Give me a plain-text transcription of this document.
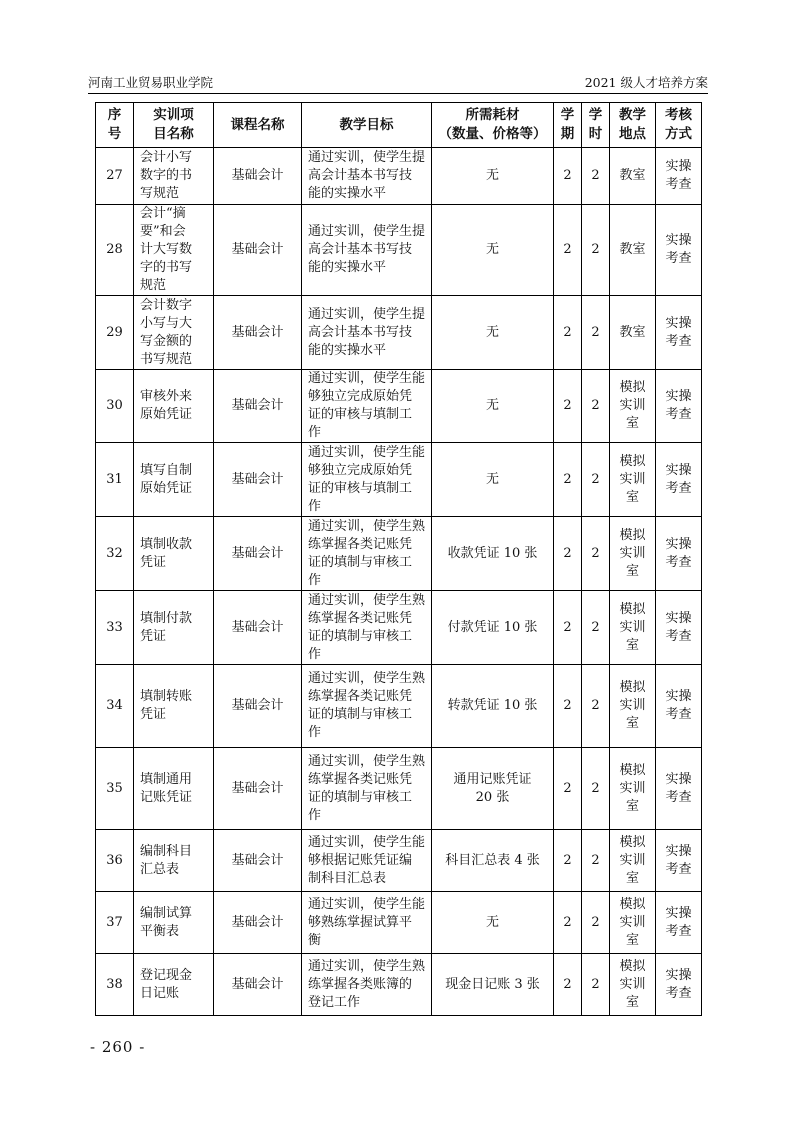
河南工业贸易职业学院	2021 级人才培养方案
序
号	实训项
目名称	课程名称	教学目标	所需耗材
（数量、价格等）	学
期	学
时	教学
地点	考核
方式
27	会计小写
数字的书
写规范	基础会计	通过实训，使学生提
高会计基本书写技
能的实操水平	无	2	2	教室	实操
考查
28	会计“摘
要”和会
计大写数
字的书写
规范	基础会计	通过实训，使学生提
高会计基本书写技
能的实操水平	无	2	2	教室	实操
考查
29	会计数字
小写与大
写金额的
书写规范	基础会计	通过实训，使学生提
高会计基本书写技
能的实操水平	无	2	2	教室	实操
考查
30	审核外来
原始凭证	基础会计	通过实训，使学生能
够独立完成原始凭
证的审核与填制工
作	无	2	2	模拟
实训
室	实操
考查
31	填写自制
原始凭证	基础会计	通过实训，使学生能
够独立完成原始凭
证的审核与填制工
作	无	2	2	模拟
实训
室	实操
考查
32	填制收款
凭证	基础会计	通过实训，使学生熟
练掌握各类记账凭
证的填制与审核工
作	收款凭证 10 张	2	2	模拟
实训
室	实操
考查
33	填制付款
凭证	基础会计	通过实训，使学生熟
练掌握各类记账凭
证的填制与审核工
作	付款凭证 10 张	2	2	模拟
实训
室	实操
考查
34	填制转账
凭证	基础会计	通过实训，使学生熟
练掌握各类记账凭
证的填制与审核工
作	转款凭证 10 张	2	2	模拟
实训
室	实操
考查
35	填制通用
记账凭证	基础会计	通过实训，使学生熟
练掌握各类记账凭
证的填制与审核工
作	通用记账凭证
20 张	2	2	模拟
实训
室	实操
考查
36	编制科目
汇总表	基础会计	通过实训，使学生能
够根据记账凭证编
制科目汇总表	科目汇总表 4 张	2	2	模拟
实训
室	实操
考查
37	编制试算
平衡表	基础会计	通过实训，使学生能
够熟练掌握试算平
衡	无	2	2	模拟
实训
室	实操
考查
38	登记现金
日记账	基础会计	通过实训，使学生熟
练掌握各类账簿的
登记工作	现金日记账 3 张	2	2	模拟
实训
室	实操
考查
- 260 -
